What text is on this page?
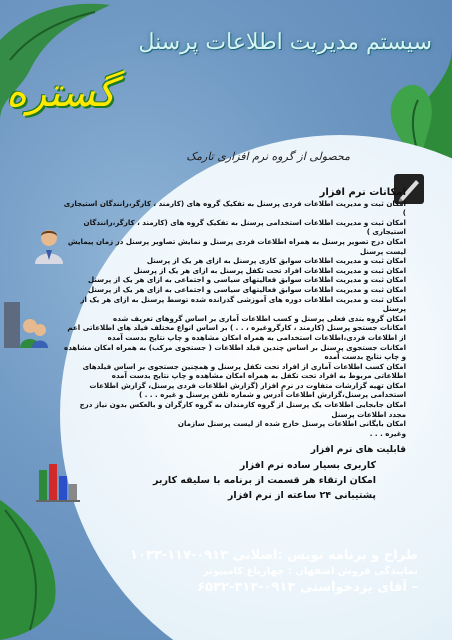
سیستم مدیریت اطلاعات پرسنل
گستره
محصولی از گروه نرم افزاری تارمک
امکانات نرم افزار
امکان ثبت و مدیریت اطلاعات فردی پرسنل به تفکیک گروه های (کارمند ، کارگر،رانندگان استیجاری )
امکان ثبت و مدیریت اطلاعات استخدامی پرسنل به تفکیک گروه های (کارمند ، کارگر،رانندگان استیجاری )
امکان درج تصویر پرسنل به همراه اطلاعات فردی پرسنل و نمایش تصاویر پرسنل در زمان پیمایش لیست پرسنل
امکان ثبت و مدیریت اطلاعات سوابق کاری پرسنل به ازای هر یک از پرسنل
امکان ثبت و مدیریت اطلاعات افراد تحت تکفل پرسنل به ازای هر یک از پرسنل
امکان ثبت و مدیریت اطلاعات سوابق فعالیتهای سیاسی و اجتماعی به ازای هر یک از پرسنل
امکان ثبت و مدیریت اطلاعات سوابق فعالیتهای سیاسی و اجتماعی به ازای هر یک از پرسنل
امکان ثبت و مدیریت اطلاعات دوره های آموزشی گذرانده شده توسط پرسنل به ازای هر یک از پرسنل
امکان گروه بندی فعلی پرسنل و کسب اطلاعات آماری بر اساس گروهای تعریف شده
امکانات جستجو پرسنل (کارمند ، کارگروغیره ، . . ) بر اساس انواع مختلف فیلد های اطلاعاتی اعم از اطلاعات فردی،اطلاعات استخدامی به همراه امکان مشاهده و چاپ نتایج بدست آمده
امکانات جستجوی پرسنل بر اساس چندین فیلد اطلاعات ( جستجوی مرکب) به همراه امکان مشاهده و چاپ نتایج بدست آمده
امکان کسب اطلاعات آماری از افراد تحت تکفل پرسنل و همچنین جستجوی بر اساس فیلدهای اطلاعاتی مربوط به افراد تحت تکفل به همراه امکان مشاهده و چاپ نتایج بدست آمده
امکان تهیه گزارشات متفاوت در نرم افزار (گزارش اطلاعات فردی پرسنل، گزارش اطلاعات استخدامی پرسنل،گزارش اطلاعات آدرس و شماره تلفن پرسنل و غیره . . . )
امکان جابجایی اطلاعات یک پرسنل از گروه کارمندان به گروه کارگران و بالعکس بدون نیاز درج مجدد اطلاعات پرسنل
امکان بایگانی اطلاعات پرسنل خارج شده از لیست پرسنل سازمان
وغیره . . .
قابلیت های نرم افزار
کاربری بسیار ساده نرم افزار
امکان ارتقاء هر قسمت از برنامه با سلیقه کاربر
پشتیبانی ۲۴ ساعته از نرم افزار
طراح و برنامه نویس :اصلانی ۰۹۱۳-۱۱۷-۱۰۳۳
نمایندگی فروش اصفهان : چهارباغ کامپیوتر
– آقای یزدخواستی ۰۹۱۳-۳۱۳-۶۵۳۲
